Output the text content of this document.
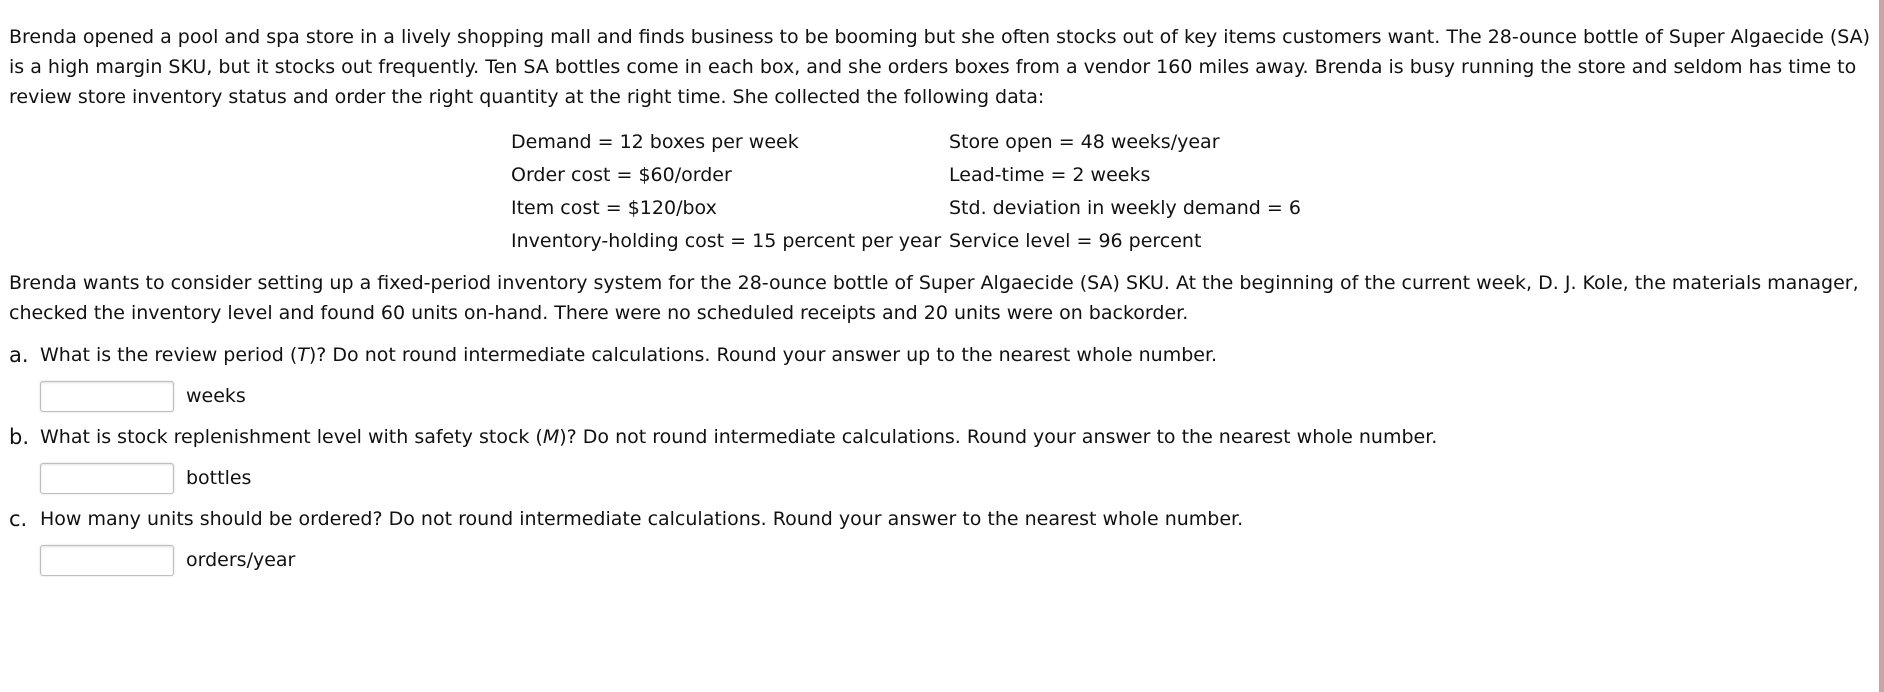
Brenda opened a pool and spa store in a lively shopping mall and finds business to be booming but she often stocks out of key items customers want. The 28-ounce bottle of Super Algaecide (SA) is a high margin SKU, but it stocks out frequently. Ten SA bottles come in each box, and she orders boxes from a vendor 160 miles away. Brenda is busy running the store and seldom has time to review store inventory status and order the right quantity at the right time. She collected the following data:

Demand = 12 boxes per week	Store open = 48 weeks/year
Order cost = $60/order	Lead-time = 2 weeks
Item cost = $120/box	Std. deviation in weekly demand = 6
Inventory-holding cost = 15 percent per year	Service level = 96 percent

Brenda wants to consider setting up a fixed-period inventory system for the 28-ounce bottle of Super Algaecide (SA) SKU. At the beginning of the current week, D. J. Kole, the materials manager, checked the inventory level and found 60 units on-hand. There were no scheduled receipts and 20 units were on backorder.

a. What is the review period (T)? Do not round intermediate calculations. Round your answer up to the nearest whole number.
weeks
b. What is stock replenishment level with safety stock (M)? Do not round intermediate calculations. Round your answer to the nearest whole number.
bottles
c. How many units should be ordered? Do not round intermediate calculations. Round your answer to the nearest whole number.
orders/year
